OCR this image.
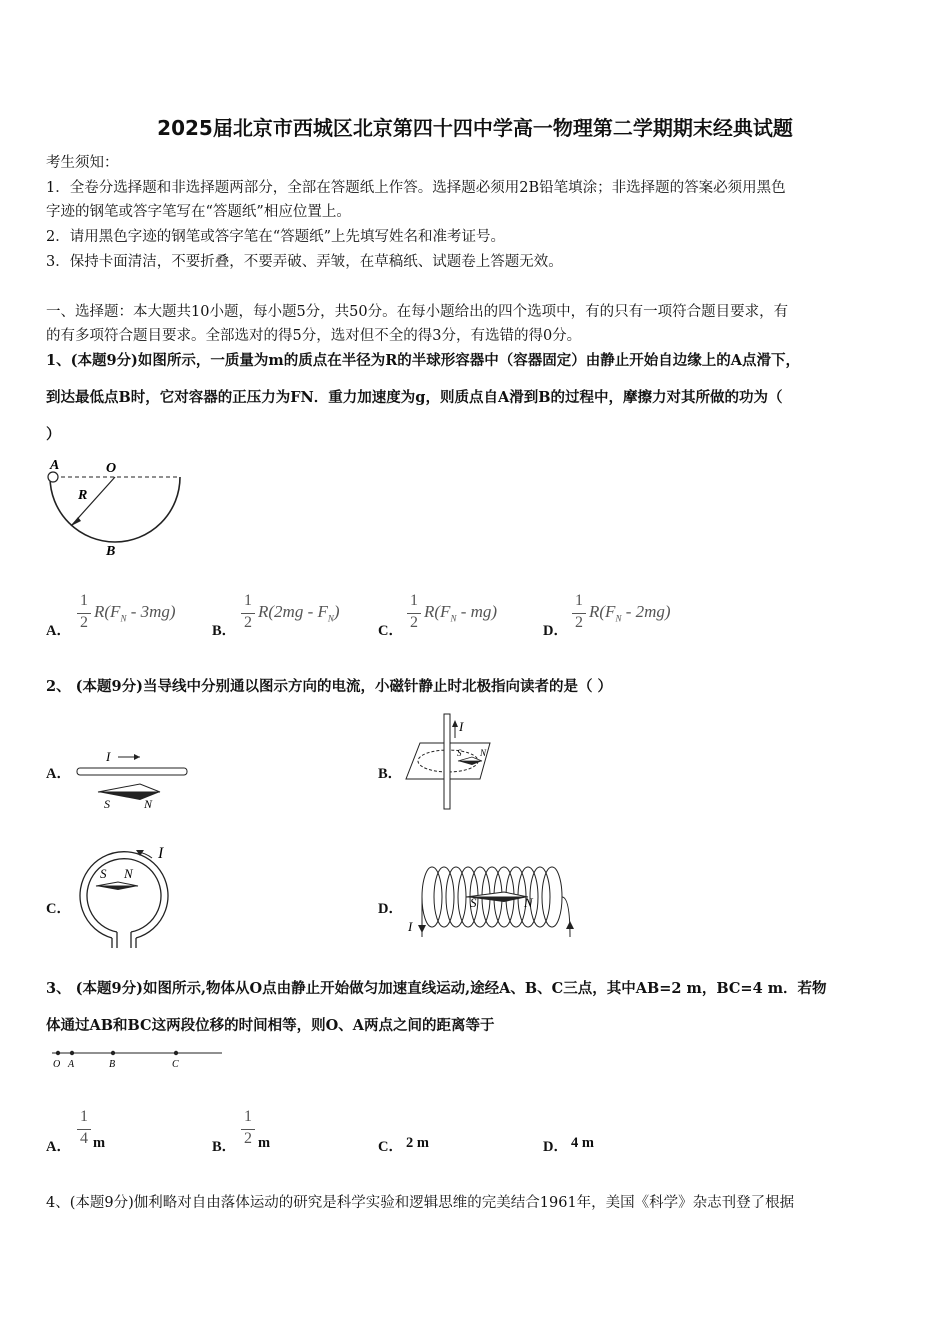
2025届北京市西城区北京第四十四中学高一物理第二学期期末经典试题
考生须知：
1．全卷分选择题和非选择题两部分，全部在答题纸上作答。选择题必须用2B铅笔填涂；非选择题的答案必须用黑色
字迹的钢笔或答字笔写在“答题纸”相应位置上。
2．请用黑色字迹的钢笔或答字笔在“答题纸”上先填写姓名和准考证号。
3．保持卡面清洁，不要折叠，不要弄破、弄皱，在草稿纸、试题卷上答题无效。
一、选择题：本大题共10小题，每小题5分，共50分。在每小题给出的四个选项中，有的只有一项符合题目要求，有
的有多项符合题目要求。全部选对的得5分，选对但不全的得3分，有选错的得0分。
1、(本题9分)如图所示，一质量为m的质点在半径为R的半球形容器中（容器固定）由静止开始自边缘上的A点滑下，
到达最低点B时，它对容器的正压力为FN．重力加速度为g，则质点自A滑到B的过程中，摩擦力对其所做的功为（
）
A	O
R
B
A．
1
2
$R(F_N - 3mg)$
B．
1
2
$R(2mg - F_N)$
C．
1
2
$R(F_N - mg)$
D．
1
2
$R(F_N - 2mg)$
2、 (本题9分)当导线中分别通以图示方向的电流，小磁针静止时北极指向读者的是（ ）
A．
I
S	N
B．
I
S N
C．
I
S N
D．
I
S	N
3、 (本题9分)如图所示,物体从O点由静止开始做匀加速直线运动,途经A、B、C三点，其中AB=2 m，BC=4 m．若物
体通过AB和BC这两段位移的时间相等，则O、A两点之间的距离等于
O A	B	C
A．
1
4 m	B．
1
2 m	C． 2 m	D． 4 m
4、(本题9分)伽利略对自由落体运动的研究是科学实验和逻辑思维的完美结合1961年，美国《科学》杂志刊登了根据
